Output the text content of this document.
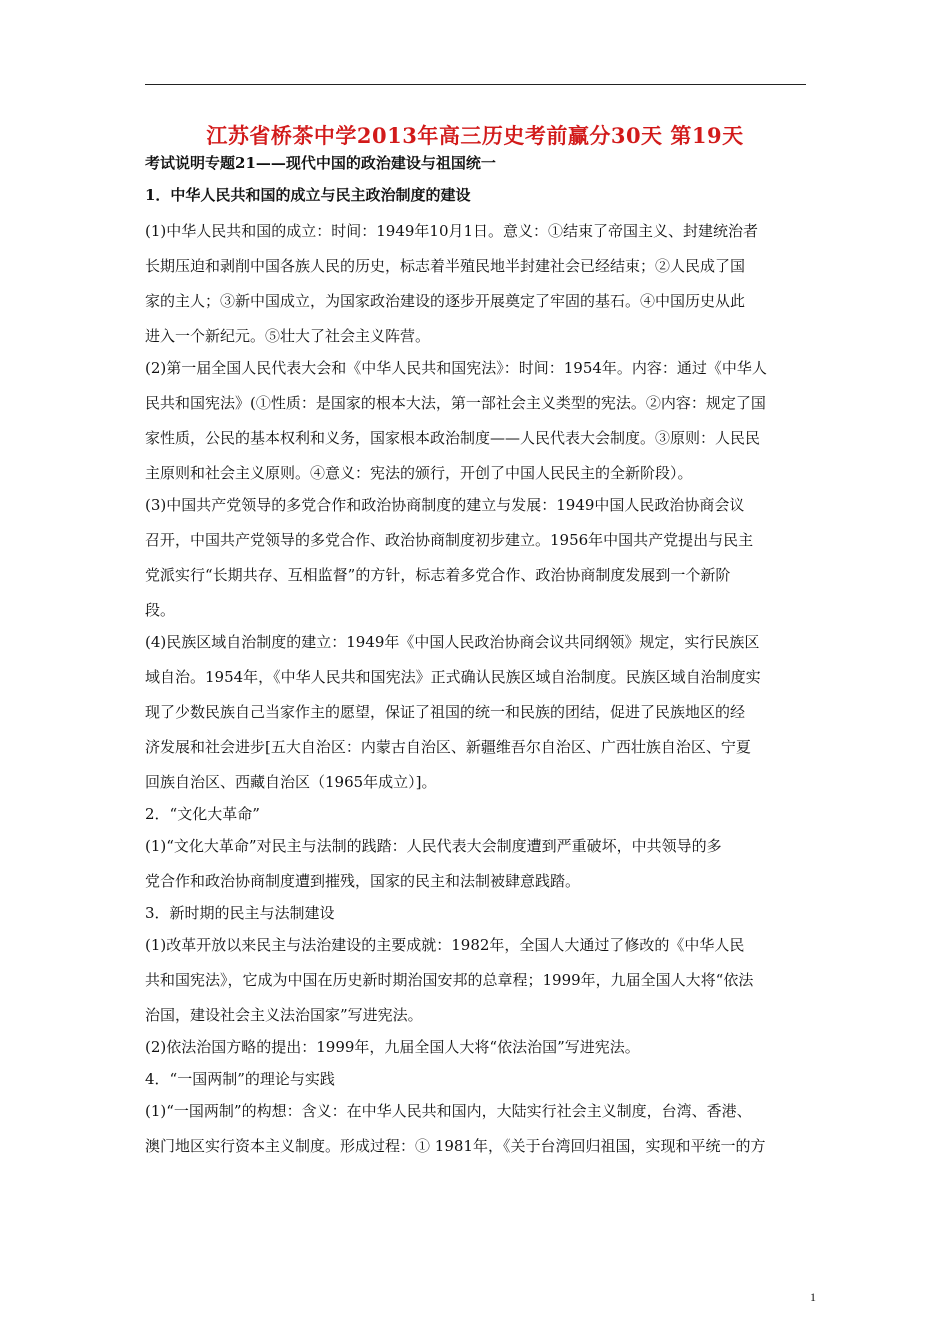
江苏省桥茶中学2013年高三历史考前赢分30天 第19天
考试说明专题21——现代中国的政治建设与祖国统一
1．中华人民共和国的成立与民主政治制度的建设
(1)中华人民共和国的成立：时间：1949年10月1日。意义：①结束了帝国主义、封建统治者
长期压迫和剥削中国各族人民的历史，标志着半殖民地半封建社会已经结束；②人民成了国
家的主人；③新中国成立，为国家政治建设的逐步开展奠定了牢固的基石。④中国历史从此
进入一个新纪元。⑤壮大了社会主义阵营。
(2)第一届全国人民代表大会和《中华人民共和国宪法》：时间：1954年。内容：通过《中华人
民共和国宪法》(①性质：是国家的根本大法，第一部社会主义类型的宪法。②内容：规定了国
家性质，公民的基本权利和义务，国家根本政治制度——人民代表大会制度。③原则：人民民
主原则和社会主义原则。④意义：宪法的颁行，开创了中国人民民主的全新阶段）。
(3)中国共产党领导的多党合作和政治协商制度的建立与发展：1949中国人民政治协商会议
召开，中国共产党领导的多党合作、政治协商制度初步建立。1956年中国共产党提出与民主
党派实行“长期共存、互相监督”的方针，标志着多党合作、政治协商制度发展到一个新阶
段。
(4)民族区域自治制度的建立：1949年《中国人民政治协商会议共同纲领》规定，实行民族区
域自治。1954年，《中华人民共和国宪法》正式确认民族区域自治制度。民族区域自治制度实
现了少数民族自己当家作主的愿望，保证了祖国的统一和民族的团结，促进了民族地区的经
济发展和社会进步[五大自治区：内蒙古自治区、新疆维吾尔自治区、广西壮族自治区、宁夏
回族自治区、西藏自治区（1965年成立）]。
2．“文化大革命”
(1)“文化大革命”对民主与法制的践踏：人民代表大会制度遭到严重破坏，中共领导的多
党合作和政治协商制度遭到摧残，国家的民主和法制被肆意践踏。
3．新时期的民主与法制建设
(1)改革开放以来民主与法治建设的主要成就：1982年，全国人大通过了修改的《中华人民
共和国宪法》，它成为中国在历史新时期治国安邦的总章程；1999年，九届全国人大将“依法
治国，建设社会主义法治国家”写进宪法。
(2)依法治国方略的提出：1999年，九届全国人大将“依法治国”写进宪法。
4．“一国两制”的理论与实践
(1)“一国两制”的构想：含义：在中华人民共和国内，大陆实行社会主义制度，台湾、香港、
澳门地区实行资本主义制度。形成过程：① 1981年，《关于台湾回归祖国，实现和平统一的方
1
